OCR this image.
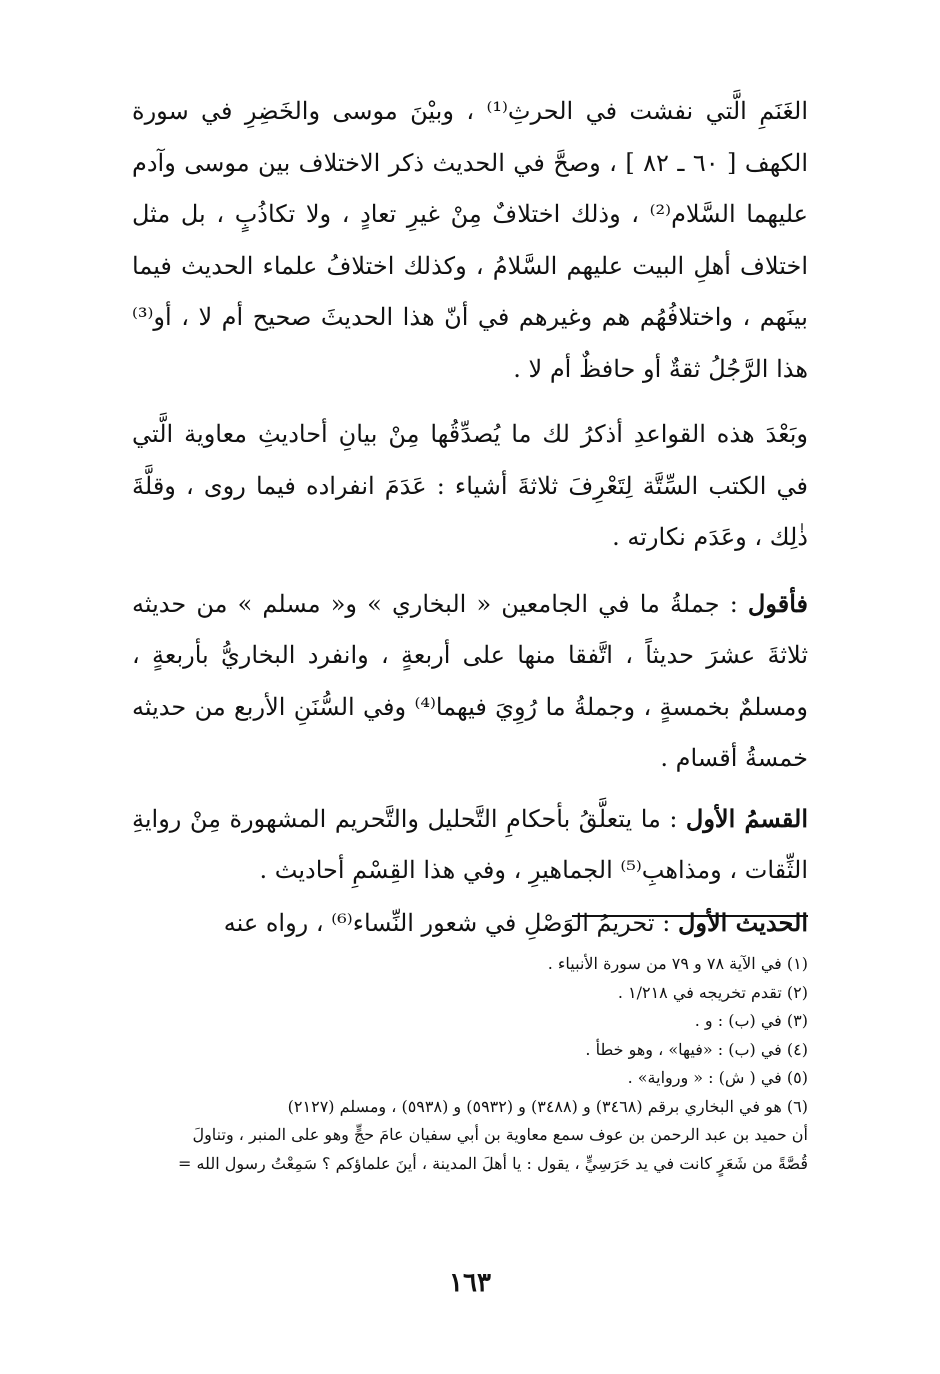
الغَنَمِ الَّتي نفشت في الحرثِ⁽¹⁾ ، وبيْنَ موسى والخَضِرِ في سورة الكهف [ ٦٠ ـ ٨٢ ] ، وصحَّ في الحديث ذكر الاختلاف بين موسى وآدم عليهما السَّلام⁽²⁾ ، وذلك اختلافٌ مِنْ غيرِ تعادٍ ، ولا تكاذُبٍ ، بل مثل اختلاف أهلِ البيت عليهم السَّلامُ ، وكذلك اختلافُ علماء الحديث فيما بينَهم ، واختلافُهُم هم وغيرهم في أنّ هذا الحديثَ صحيح أم لا ، أو⁽³⁾ هذا الرَّجُلُ ثقةٌ أو حافظٌ أم لا .

وبَعْدَ هذه القواعدِ أذكرُ لك ما يُصدِّقُها مِنْ بيانِ أحاديثِ معاوية الَّتي في الكتب السِّتَّة لِتَعْرِفَ ثلاثةَ أشياء : عَدَمَ انفراده فيما روى ، وقلَّةَ ذٰلِك ، وعَدَم نكارته .

فأقول : جملةُ ما في الجامعين « البخاري » و« مسلم » من حديثه ثلاثةَ عشرَ حديثاً ، اتَّفقا منها على أربعةٍ ، وانفرد البخاريُّ بأربعةٍ ، ومسلمٌ بخمسةٍ ، وجملةُ ما رُوِيَ فيهما⁽⁴⁾ وفي السُّنَنِ الأربع من حديثه خمسةُ أقسام .

القسمُ الأول : ما يتعلَّقُ بأحكامِ التَّحليل والتَّحريم المشهورة مِنْ روايةِ الثِّقات ، ومذاهبِ⁽⁵⁾ الجماهيرِ ، وفي هذا القِسْمِ أحاديث .

الحديث الأول : تحريمُ الوَصْلِ في شعور النِّساء⁽⁶⁾ ، رواه عنه

(١) في الآية ٧٨ و ٧٩ من سورة الأنبياء .

(٢) تقدم تخريجه في ١/٢١٨ .

(٣) في (ب) : و .

(٤) في (ب) : «فيها» ، وهو خطأ .

(٥) في ( ش) : « ورواية» .

(٦) هو في البخاري برقم (٣٤٦٨) و (٣٤٨٨) و (٥٩٣٢) و (٥٩٣٨) ، ومسلم (٢١٢٧)

أن حميد بن عبد الرحمن بن عوف سمع معاوية بن أبي سفيان عامَ حجٍّ وهو على المنبر ، وتناولَ

قُصَّةً من شَعَرٍ كانت في يد حَرَسِيٍّ ، يقول : يا أهلَ المدينة ، أينَ علماؤكم ؟ سَمِعْتُ رسول الله =

١٦٣
